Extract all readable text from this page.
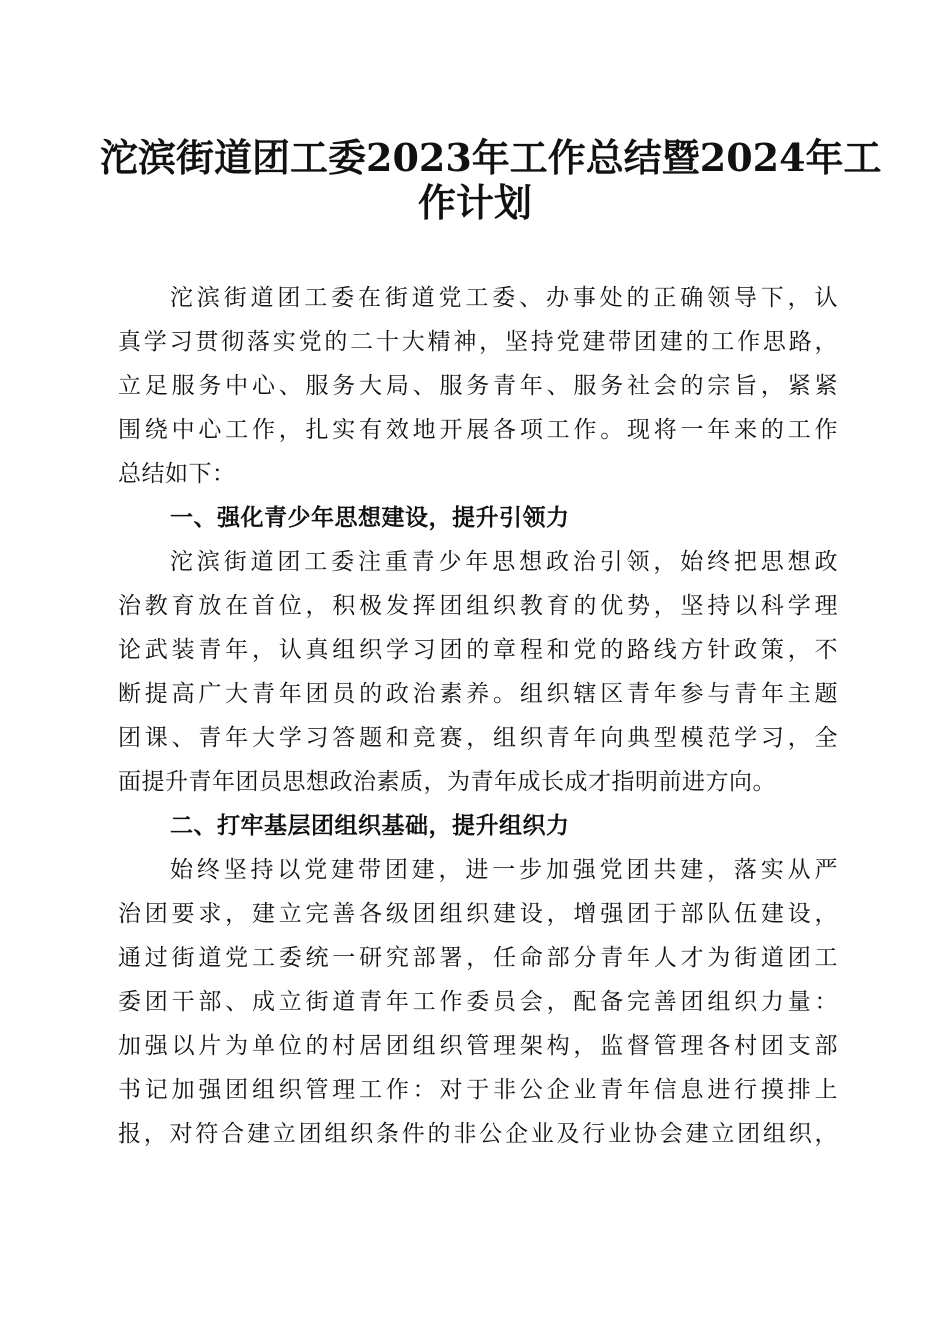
沱滨街道团工委2023年工作总结暨2024年工
作计划
沱滨街道团工委在街道党工委、办事处的正确领导下，认
真学习贯彻落实党的二十大精神，坚持党建带团建的工作思路，
立足服务中心、服务大局、服务青年、服务社会的宗旨，紧紧
围绕中心工作，扎实有效地开展各项工作。现将一年来的工作
总结如下：
一、强化青少年思想建设，提升引领力
沱滨街道团工委注重青少年思想政治引领，始终把思想政
治教育放在首位，积极发挥团组织教育的优势，坚持以科学理
论武装青年，认真组织学习团的章程和党的路线方针政策，不
断提高广大青年团员的政治素养。组织辖区青年参与青年主题
团课、青年大学习答题和竞赛，组织青年向典型模范学习，全
面提升青年团员思想政治素质，为青年成长成才指明前进方向。
二、打牢基层团组织基础，提升组织力
始终坚持以党建带团建，进一步加强党团共建，落实从严
治团要求，建立完善各级团组织建设，增强团于部队伍建设，
通过街道党工委统一研究部署，任命部分青年人才为街道团工
委团干部、成立街道青年工作委员会，配备完善团组织力量：
加强以片为单位的村居团组织管理架构，监督管理各村团支部
书记加强团组织管理工作：对于非公企业青年信息进行摸排上
报，对符合建立团组织条件的非公企业及行业协会建立团组织，
